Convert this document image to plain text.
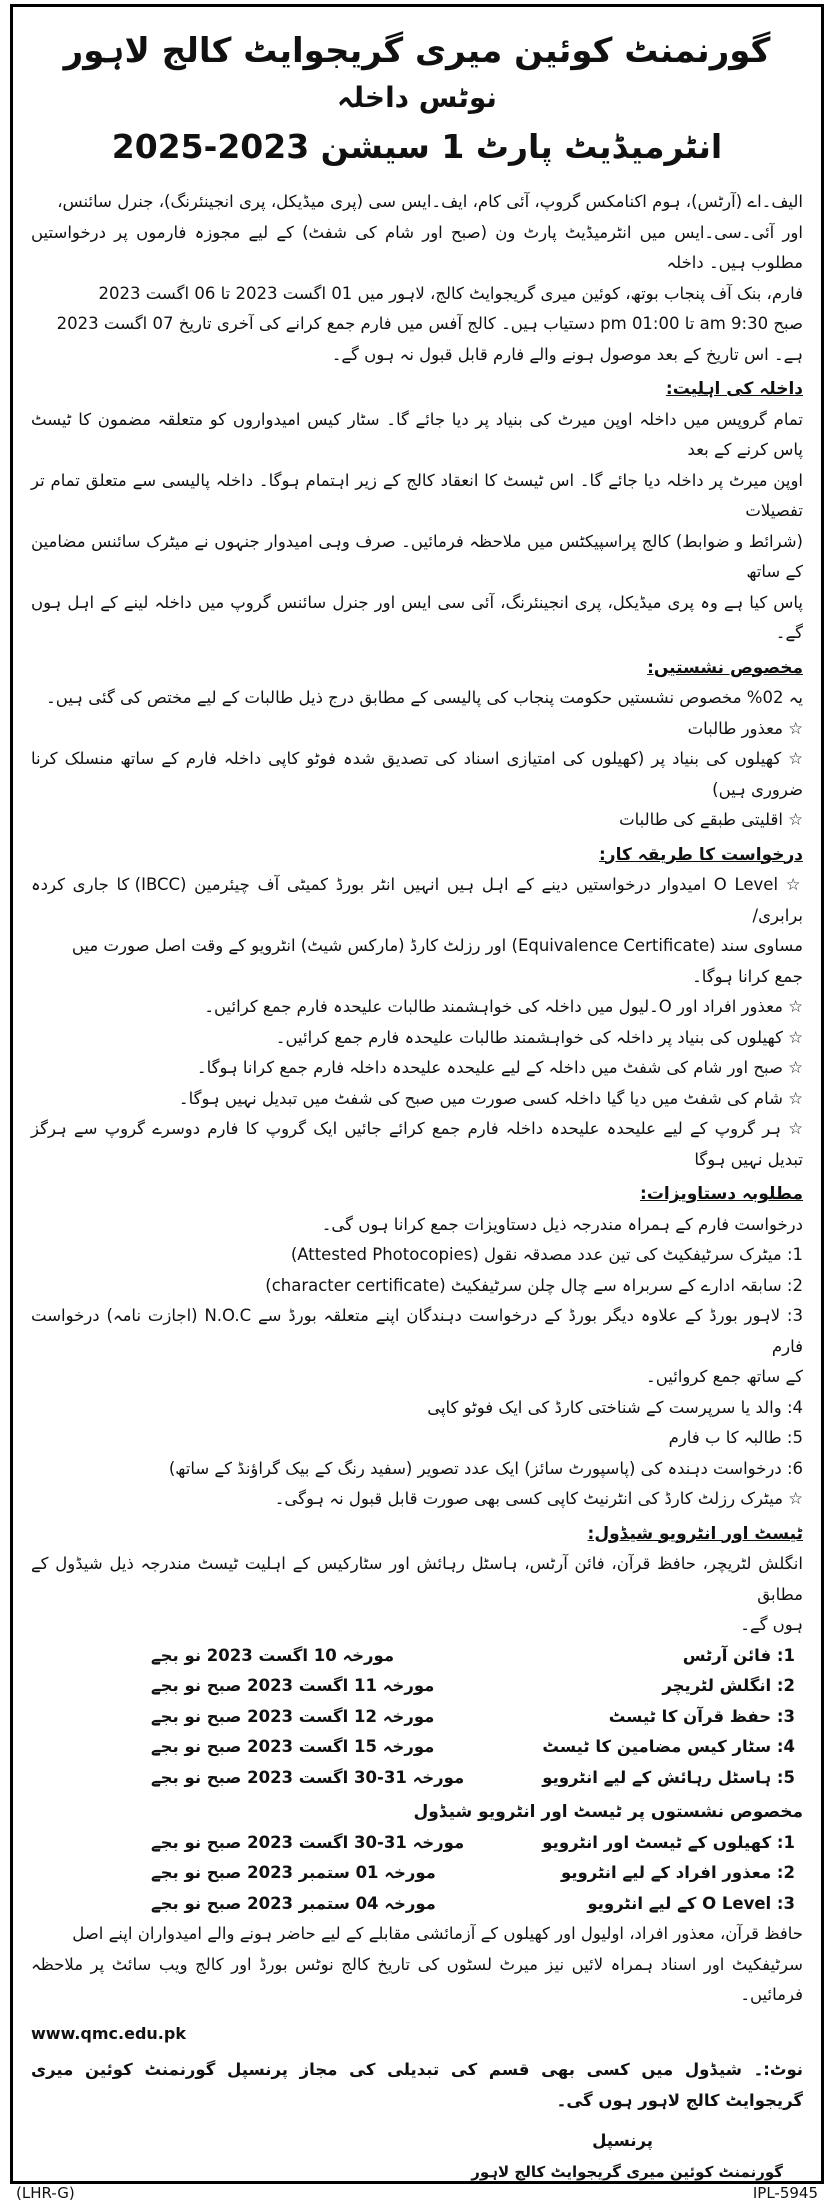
گورنمنٹ کوئین میری گریجوایٹ کالج لاہور
نوٹس داخلہ
انٹرمیڈیٹ پارٹ 1 سیشن 2023-2025

الیف۔اے (آرٹس)، ہوم اکنامکس گروپ، آئی کام، ایف۔ایس سی (پری میڈیکل، پری انجینئرنگ)، جنرل سائنس،

اور آئی۔سی۔ایس میں انٹرمیڈیٹ پارٹ ون (صبح اور شام کی شفٹ) کے لیے مجوزہ فارموں پر درخواستیں مطلوب ہیں۔ داخلہ

فارم، بنک آف پنجاب بوتھ، کوئین میری گریجوایٹ کالج، لاہور میں 01 اگست 2023 تا 06 اگست 2023

صبح 9:30 am تا 01:00 pm دستیاب ہیں۔ کالج آفس میں فارم جمع کرانے کی آخری تاریخ 07 اگست 2023

ہے۔ اس تاریخ کے بعد موصول ہونے والے فارم قابل قبول نہ ہوں گے۔

داخلہ کی اہلیت:

تمام گروپس میں داخلہ اوپن میرٹ کی بنیاد پر دیا جائے گا۔ سٹار کیس امیدواروں کو متعلقہ مضمون کا ٹیسٹ پاس کرنے کے بعد

اوپن میرٹ پر داخلہ دیا جائے گا۔ اس ٹیسٹ کا انعقاد کالج کے زیر اہتمام ہوگا۔ داخلہ پالیسی سے متعلق تمام تر تفصیلات

(شرائط و ضوابط) کالج پراسپیکٹس میں ملاحظہ فرمائیں۔ صرف وہی امیدوار جنہوں نے میٹرک سائنس مضامین کے ساتھ

پاس کیا ہے وہ پری میڈیکل، پری انجینئرنگ، آئی سی ایس اور جنرل سائنس گروپ میں داخلہ لینے کے اہل ہوں گے۔

مخصوص نشستیں:

یہ 02% مخصوص نشستیں حکومت پنجاب کی پالیسی کے مطابق درج ذیل طالبات کے لیے مختص کی گئی ہیں۔

☆ معذور طالبات

☆ کھیلوں کی بنیاد پر (کھیلوں کی امتیازی اسناد کی تصدیق شدہ فوٹو کاپی داخلہ فارم کے ساتھ منسلک کرنا ضروری ہیں)

☆ اقلیتی طبقے کی طالبات

درخواست کا طریقہ کار:

☆ O Level امیدوار درخواستیں دینے کے اہل ہیں انہیں انٹر بورڈ کمیٹی آف چیئرمین (IBCC) کا جاری کردہ برابری/

مساوی سند (Equivalence Certificate) اور رزلٹ کارڈ (مارکس شیٹ) انٹرویو کے وقت اصل صورت میں

جمع کرانا ہوگا۔

☆ معذور افراد اور O۔لیول میں داخلہ کی خواہشمند طالبات علیحدہ فارم جمع کرائیں۔

☆ کھیلوں کی بنیاد پر داخلہ کی خواہشمند طالبات علیحدہ فارم جمع کرائیں۔

☆ صبح اور شام کی شفٹ میں داخلہ کے لیے علیحدہ علیحدہ داخلہ فارم جمع کرانا ہوگا۔

☆ شام کی شفٹ میں دیا گیا داخلہ کسی صورت میں صبح کی شفٹ میں تبدیل نہیں ہوگا۔

☆ ہر گروپ کے لیے علیحدہ علیحدہ داخلہ فارم جمع کرائے جائیں ایک گروپ کا فارم دوسرے گروپ سے ہرگز تبدیل نہیں ہوگا

مطلوبہ دستاویزات:

درخواست فارم کے ہمراہ مندرجہ ذیل دستاویزات جمع کرانا ہوں گی۔

1: میٹرک سرٹیفکیٹ کی تین عدد مصدقہ نقول (Attested Photocopies)

2: سابقہ ادارے کے سربراہ سے چال چلن سرٹیفکیٹ (character certificate)

3: لاہور بورڈ کے علاوہ دیگر بورڈ کے درخواست دہندگان اپنے متعلقہ بورڈ سے N.O.C (اجازت نامہ) درخواست فارم

کے ساتھ جمع کروائیں۔

4: والد یا سرپرست کے شناختی کارڈ کی ایک فوٹو کاپی

5: طالبہ کا ب فارم

6: درخواست دہندہ کی (پاسپورٹ سائز) ایک عدد تصویر (سفید رنگ کے بیک گراؤنڈ کے ساتھ)

☆ میٹرک رزلٹ کارڈ کی انٹرنیٹ کاپی کسی بھی صورت قابل قبول نہ ہوگی۔

ٹیسٹ اور انٹرویو شیڈول:

انگلش لٹریچر، حافظ قرآن، فائن آرٹس، ہاسٹل رہائش اور سٹارکیس کے اہلیت ٹیسٹ مندرجہ ذیل شیڈول کے مطابق

ہوں گے۔

1: فائن آرٹس
مورخہ 10 اگست 2023 نو بجے
2: انگلش لٹریچر
مورخہ 11 اگست 2023 صبح نو بجے
3: حفظ قرآن کا ٹیسٹ
مورخہ 12 اگست 2023 صبح نو بجے
4: سٹار کیس مضامین کا ٹیسٹ
مورخہ 15 اگست 2023 صبح نو بجے
5: ہاسٹل رہائش کے لیے انٹرویو
مورخہ 31-30 اگست 2023 صبح نو بجے
مخصوص نشستوں پر ٹیسٹ اور انٹرویو شیڈول
1: کھیلوں کے ٹیسٹ اور انٹرویو
مورخہ 31-30 اگست 2023 صبح نو بجے
2: معذور افراد کے لیے انٹرویو
مورخہ 01 ستمبر 2023 صبح نو بجے
3: O Level کے لیے انٹرویو
مورخہ 04 ستمبر 2023 صبح نو بجے

حافظ قرآن، معذور افراد، اولیول اور کھیلوں کے آزمائشی مقابلے کے لیے حاضر ہونے والے امیدواران اپنے اصل

سرٹیفکیٹ اور اسناد ہمراہ لائیں نیز میرٹ لسٹوں کی تاریخ کالج نوٹس بورڈ اور کالج ویب سائٹ پر ملاحظہ فرمائیں۔

www.qmc.edu.pk

نوٹ:۔ شیڈول میں کسی بھی قسم کی تبدیلی کی مجاز پرنسپل گورنمنٹ کوئین میری گریجوایٹ کالج لاہور ہوں گی۔

پرنسپل
گورنمنٹ کوئین میری گریجوایٹ کالج لاہور
(LHR-G)	IPL-5945
